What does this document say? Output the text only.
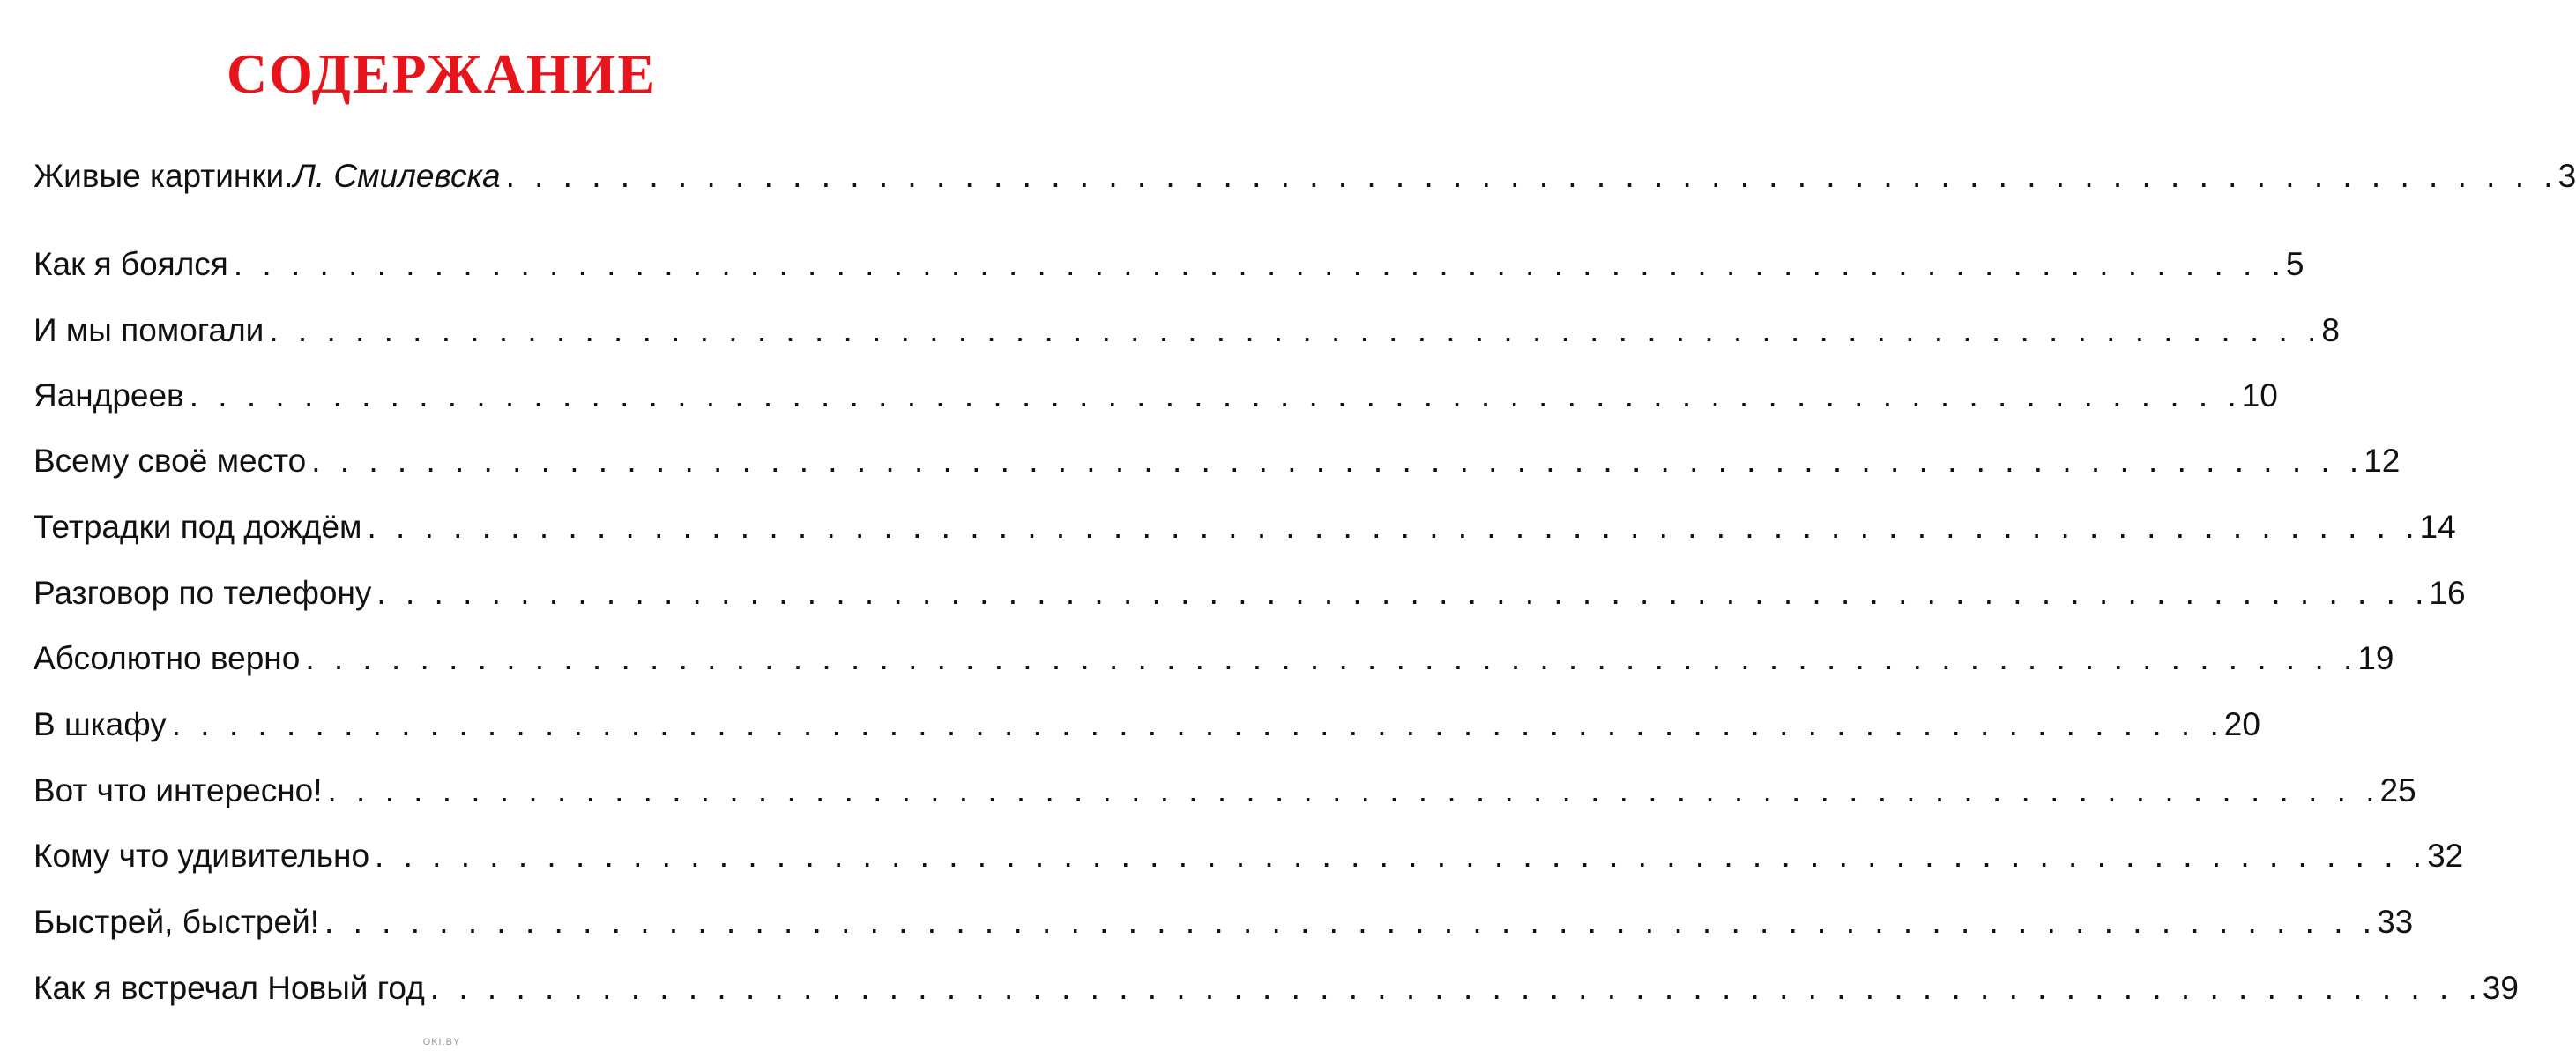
СОДЕРЖАНИЕ
Живые картинки. Л. Смилевска . . . . . . . . . . . . . . . . . . . . . . . . . . . . . . . . . . . . . . . . . . . . . . . . . . . . . . . . . . . . . . . . . . . . . . . . 3
Как я боялся . . . . . . . . . . . . . . . . . . . . . . . . . . . . . . . . . . . . . . . . . . . . . . . . . . . . . . . . . . . . . . . . . . . . . . . . 5
И мы помогали . . . . . . . . . . . . . . . . . . . . . . . . . . . . . . . . . . . . . . . . . . . . . . . . . . . . . . . . . . . . . . . . . . . . . . . . 8
Яандреев . . . . . . . . . . . . . . . . . . . . . . . . . . . . . . . . . . . . . . . . . . . . . . . . . . . . . . . . . . . . . . . . . . . . . . . . 10
Всему своё место . . . . . . . . . . . . . . . . . . . . . . . . . . . . . . . . . . . . . . . . . . . . . . . . . . . . . . . . . . . . . . . . . . . . . . . . 12
Тетрадки под дождём . . . . . . . . . . . . . . . . . . . . . . . . . . . . . . . . . . . . . . . . . . . . . . . . . . . . . . . . . . . . . . . . . . . . . . . . 14
Разговор по телефону . . . . . . . . . . . . . . . . . . . . . . . . . . . . . . . . . . . . . . . . . . . . . . . . . . . . . . . . . . . . . . . . . . . . . . . . 16
Абсолютно верно . . . . . . . . . . . . . . . . . . . . . . . . . . . . . . . . . . . . . . . . . . . . . . . . . . . . . . . . . . . . . . . . . . . . . . . . 19
В шкафу . . . . . . . . . . . . . . . . . . . . . . . . . . . . . . . . . . . . . . . . . . . . . . . . . . . . . . . . . . . . . . . . . . . . . . . . 20
Вот что интересно! . . . . . . . . . . . . . . . . . . . . . . . . . . . . . . . . . . . . . . . . . . . . . . . . . . . . . . . . . . . . . . . . . . . . . . . . 25
Кому что удивительно . . . . . . . . . . . . . . . . . . . . . . . . . . . . . . . . . . . . . . . . . . . . . . . . . . . . . . . . . . . . . . . . . . . . . . . . 32
Быстрей, быстрей! . . . . . . . . . . . . . . . . . . . . . . . . . . . . . . . . . . . . . . . . . . . . . . . . . . . . . . . . . . . . . . . . . . . . . . . . 33
Как я встречал Новый год . . . . . . . . . . . . . . . . . . . . . . . . . . . . . . . . . . . . . . . . . . . . . . . . . . . . . . . . . . . . . . . . . . . . . . . . 39
OKI.BY
